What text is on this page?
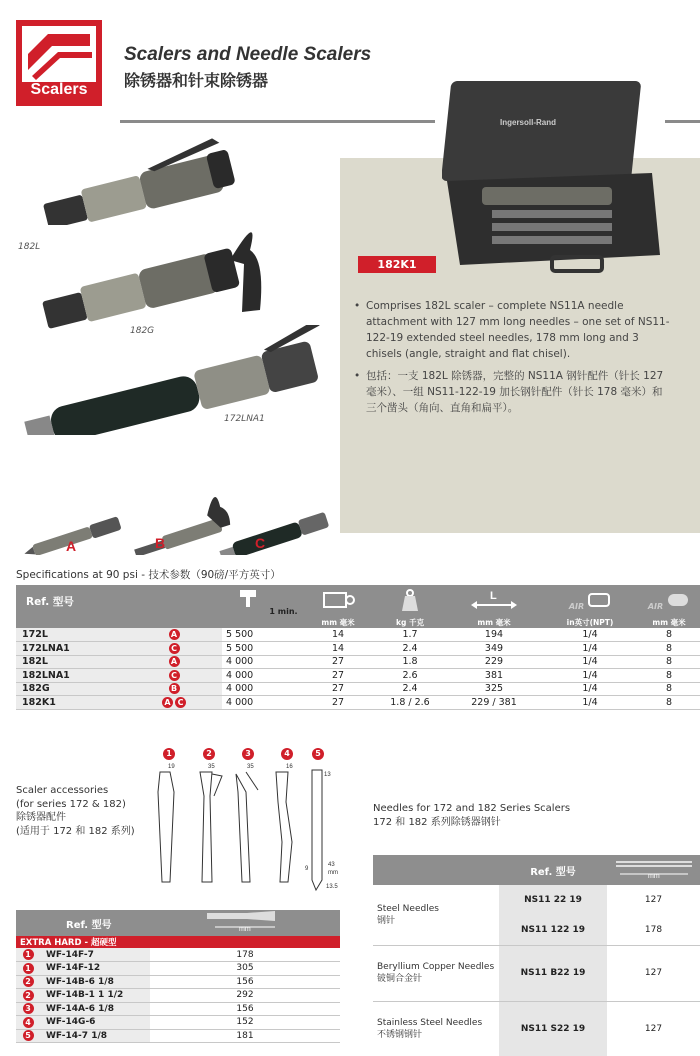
Scalers
Scalers and Needle Scalers
除锈器和针束除锈器
182L
182G
172LNA1
A	B	C
Ingersoll-Rand
182K1

• Comprises 182L scaler – complete NS11A needle attachment with 127 mm long needles – one set of NS11-122-19 extended steel needles, 178 mm long and 3 chisels (angle, straight and flat chisel).

• 包括：一支 182L 除锈器，完整的 NS11A 钢针配件（针长 127 毫米）、一组 NS11-122-19 加长钢针配件（针长 178 毫米）和三个凿头（角向、直角和扁平）。

Specifications at 90 psi - 技术参数（90磅/平方英寸）
Ref. 型号		1 min.			L	AIR	AIR
			mm 毫米	kg 千克	mm 毫米	in英寸(NPT)	mm 毫米
172L	A	5 500	14	1.7	194	1/4	8
172LNA1	C	5 500	14	2.4	349	1/4	8
182L	A	4 000	27	1.8	229	1/4	8
182LNA1	C	4 000	27	2.6	381	1/4	8
182G	B	4 000	27	2.4	325	1/4	8
182K1	A C	4 000	27	1.8 / 2.6	229 / 381	1/4	8
Scaler accessories
(for series 172 & 182)
除锈器配件
(适用于 172 和 182 系列)
1	2	3	4	5
19	35	35	16
13
43
mm
9
13.5
Ref. 型号		mm

EXTRA HARD - 超硬型		
1	WF-14F-7	178
1	WF-14F-12	305
2	WF-14B-6 1/8	156
2	WF-14B-1 1 1/2	292
3	WF-14A-6 1/8	156
4	WF-14G-6	152
5	WF-14-7 1/8	181
Needles for 172 and 182 Series Scalers
172 和 182 系列除锈器钢针
	Ref. 型号	mm

Steel Needles
钢针	NS11 22 19	127
	NS11 122 19	178

Beryllium Copper Needles
铍铜合金针	NS11 B22 19	127

Stainless Steel Needles
不锈钢钢针	NS11 S22 19	127
